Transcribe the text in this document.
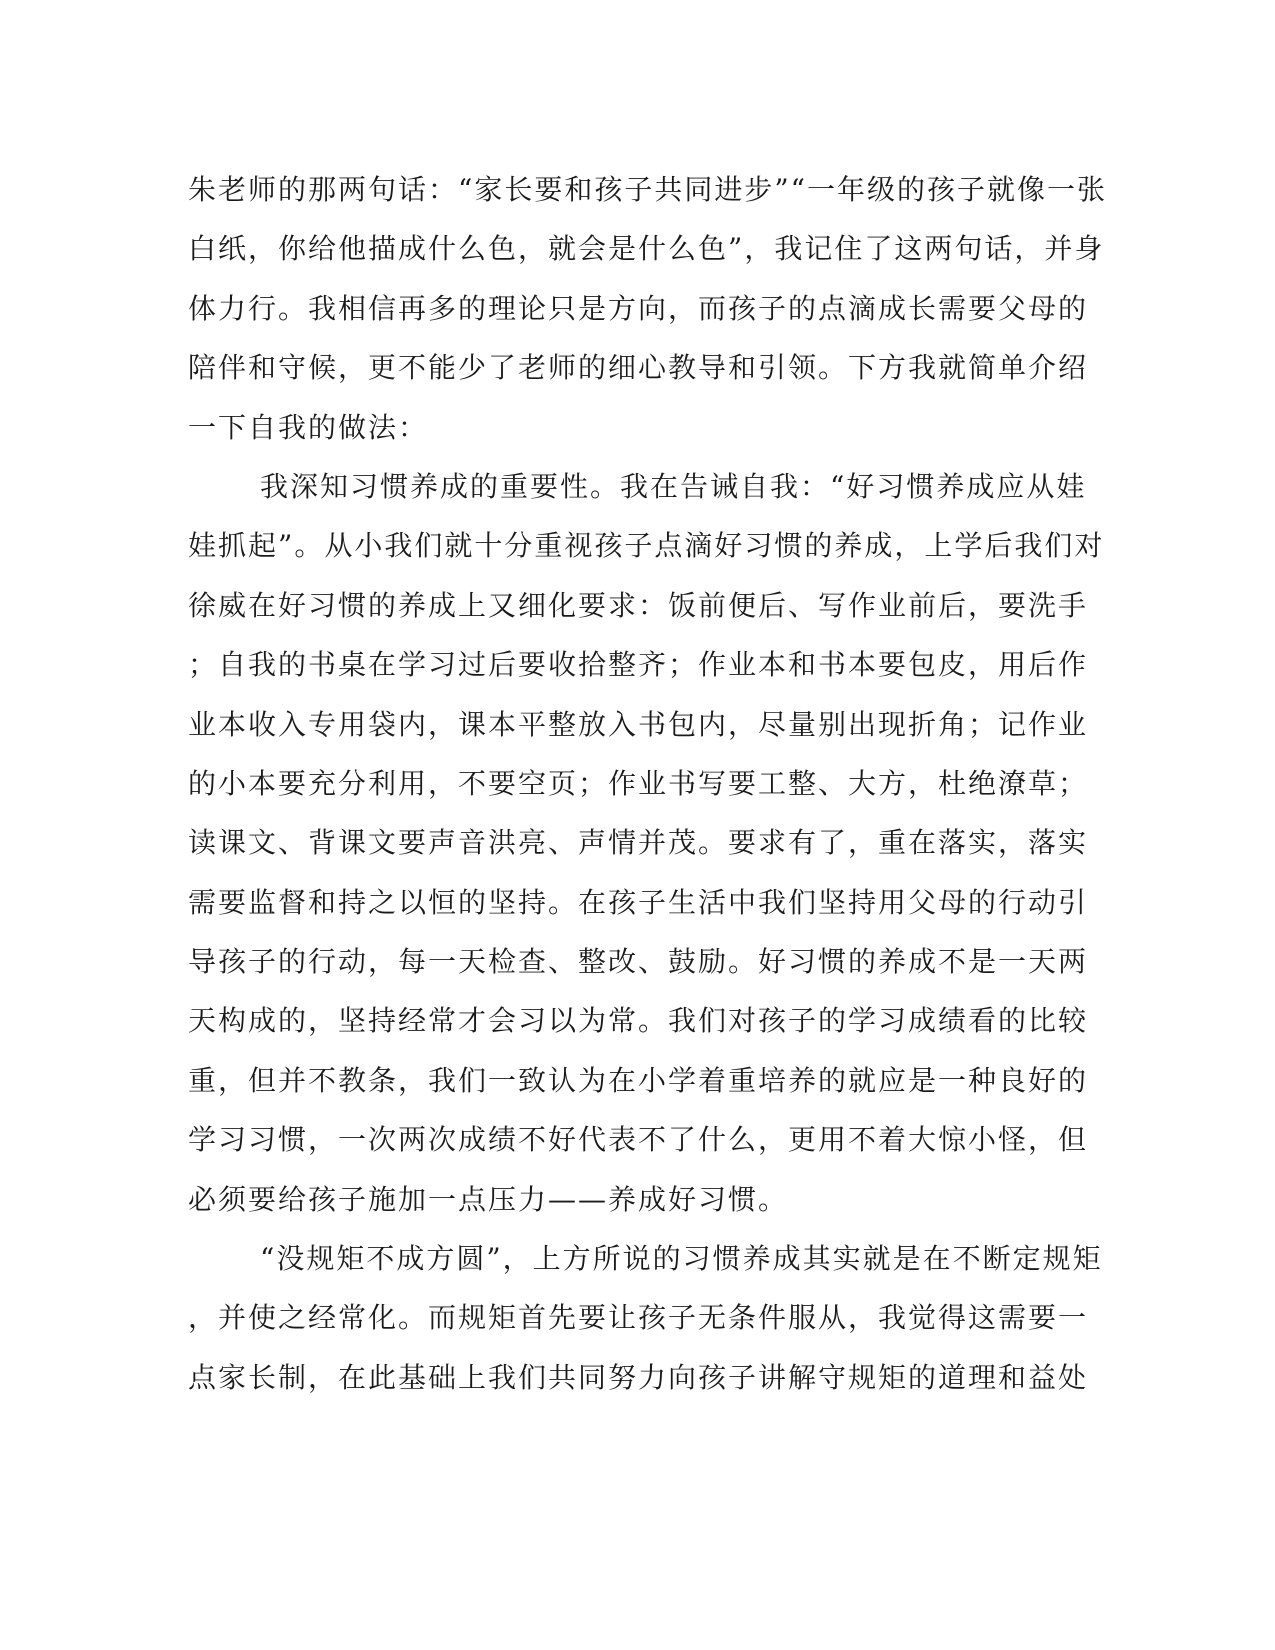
朱老师的那两句话：“家长要和孩子共同进步”“一年级的孩子就像一张
白纸，你给他描成什么色，就会是什么色”，我记住了这两句话，并身
体力行。我相信再多的理论只是方向，而孩子的点滴成长需要父母的
陪伴和守候，更不能少了老师的细心教导和引领。下方我就简单介绍
一下自我的做法：
我深知习惯养成的重要性。我在告诫自我：“好习惯养成应从娃
娃抓起”。从小我们就十分重视孩子点滴好习惯的养成，上学后我们对
徐威在好习惯的养成上又细化要求：饭前便后、写作业前后，要洗手
；自我的书桌在学习过后要收拾整齐；作业本和书本要包皮，用后作
业本收入专用袋内，课本平整放入书包内，尽量别出现折角；记作业
的小本要充分利用，不要空页；作业书写要工整、大方，杜绝潦草；
读课文、背课文要声音洪亮、声情并茂。要求有了，重在落实，落实
需要监督和持之以恒的坚持。在孩子生活中我们坚持用父母的行动引
导孩子的行动，每一天检查、整改、鼓励。好习惯的养成不是一天两
天构成的，坚持经常才会习以为常。我们对孩子的学习成绩看的比较
重，但并不教条，我们一致认为在小学着重培养的就应是一种良好的
学习习惯，一次两次成绩不好代表不了什么，更用不着大惊小怪，但
必须要给孩子施加一点压力——养成好习惯。
“没规矩不成方圆”，上方所说的习惯养成其实就是在不断定规矩
，并使之经常化。而规矩首先要让孩子无条件服从，我觉得这需要一
点家长制，在此基础上我们共同努力向孩子讲解守规矩的道理和益处
